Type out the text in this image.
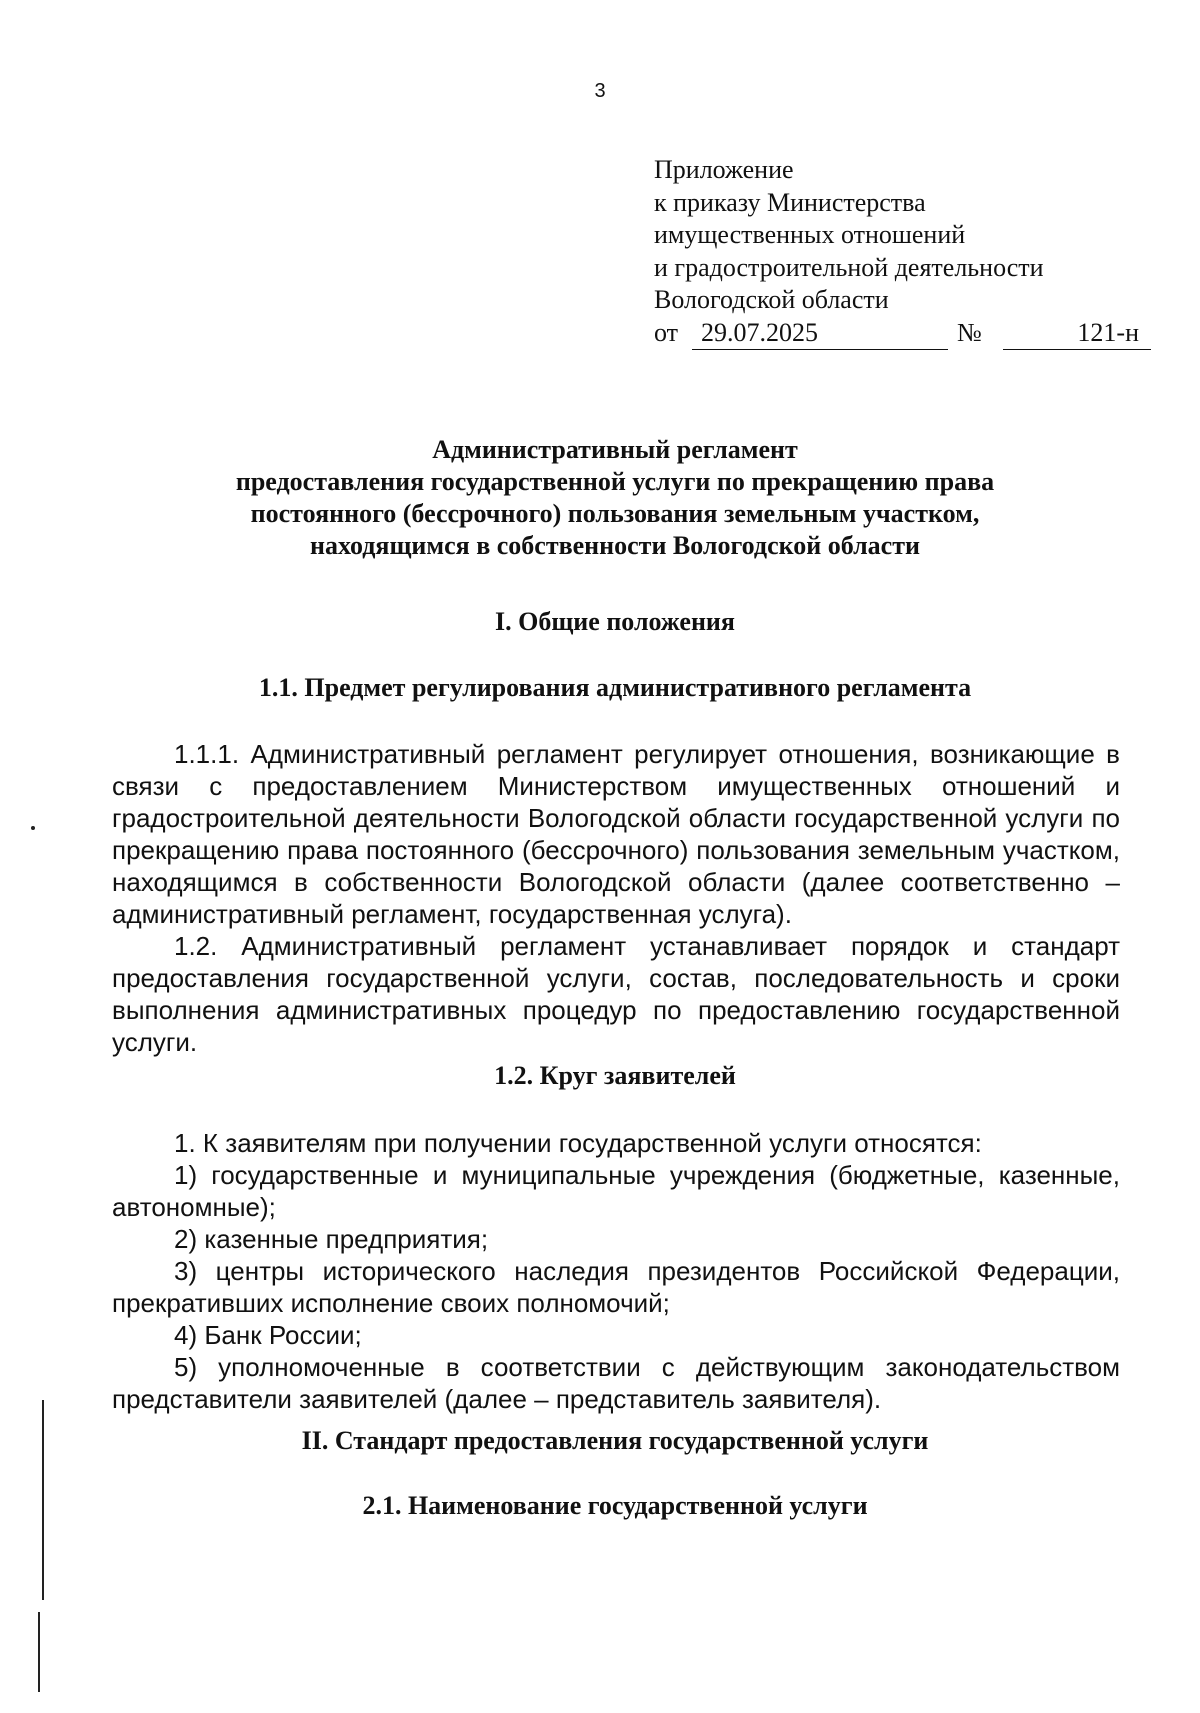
3
Приложение
к приказу Министерства
имущественных отношений
и градостроительной деятельности
Вологодской области
от 29.07.2025	№	121-н
Административный регламент
предоставления государственной услуги по прекращению права
постоянного (бессрочного) пользования земельным участком,
находящимся в собственности Вологодской области
I. Общие положения
1.1. Предмет регулирования административного регламента

1.1.1. Административный регламент регулирует отношения, возникающие в связи с предоставлением Министерством имущественных отношений и градостроительной деятельности Вологодской области государственной услуги по прекращению права постоянного (бессрочного) пользования земельным участком, находящимся в собственности Вологодской области (далее соответственно – административный регламент, государственная услуга).

1.2. Административный регламент устанавливает порядок и стандарт предоставления государственной услуги, состав, последовательность и сроки выполнения административных процедур по предоставлению государственной услуги.

1.2. Круг заявителей

1. К заявителям при получении государственной услуги относятся:

1) государственные и муниципальные учреждения (бюджетные, казенные, автономные);

2) казенные предприятия;

3) центры исторического наследия президентов Российской Федерации, прекративших исполнение своих полномочий;

4) Банк России;

5) уполномоченные в соответствии с действующим законодательством представители заявителей (далее – представитель заявителя).

II. Стандарт предоставления государственной услуги
2.1. Наименование государственной услуги
